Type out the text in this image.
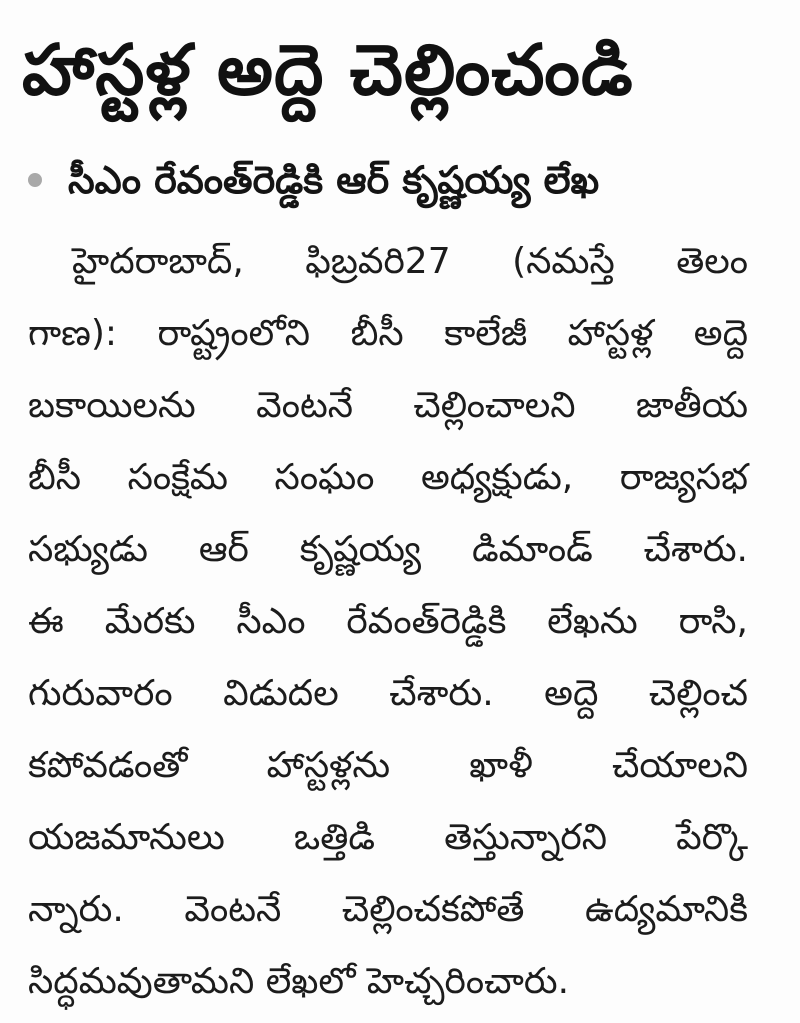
హాస్టళ్ల అద్దె చెల్లించండి
సీఎం రేవంత్‌రెడ్డికి ఆర్ కృష్ణయ్య లేఖ
హైదరాబాద్, ఫిబ్రవరి27 (నమస్తే తెలం
గాణ): రాష్ట్రంలోని బీసీ కాలేజీ హాస్టళ్ల అద్దె
బకాయిలను వెంటనే చెల్లించాలని జాతీయ
బీసీ సంక్షేమ సంఘం అధ్యక్షుడు, రాజ్యసభ
సభ్యుడు ఆర్ కృష్ణయ్య డిమాండ్ చేశారు.
ఈ మేరకు సీఎం రేవంత్‌రెడ్డికి లేఖను రాసి,
గురువారం విడుదల చేశారు. అద్దె చెల్లించ
కపోవడంతో హాస్టళ్లను ఖాళీ చేయాలని
యజమానులు ఒత్తిడి తెస్తున్నారని పేర్కొ
న్నారు. వెంటనే చెల్లించకపోతే ఉద్యమానికి
సిద్ధమవుతామని లేఖలో హెచ్చరించారు.
